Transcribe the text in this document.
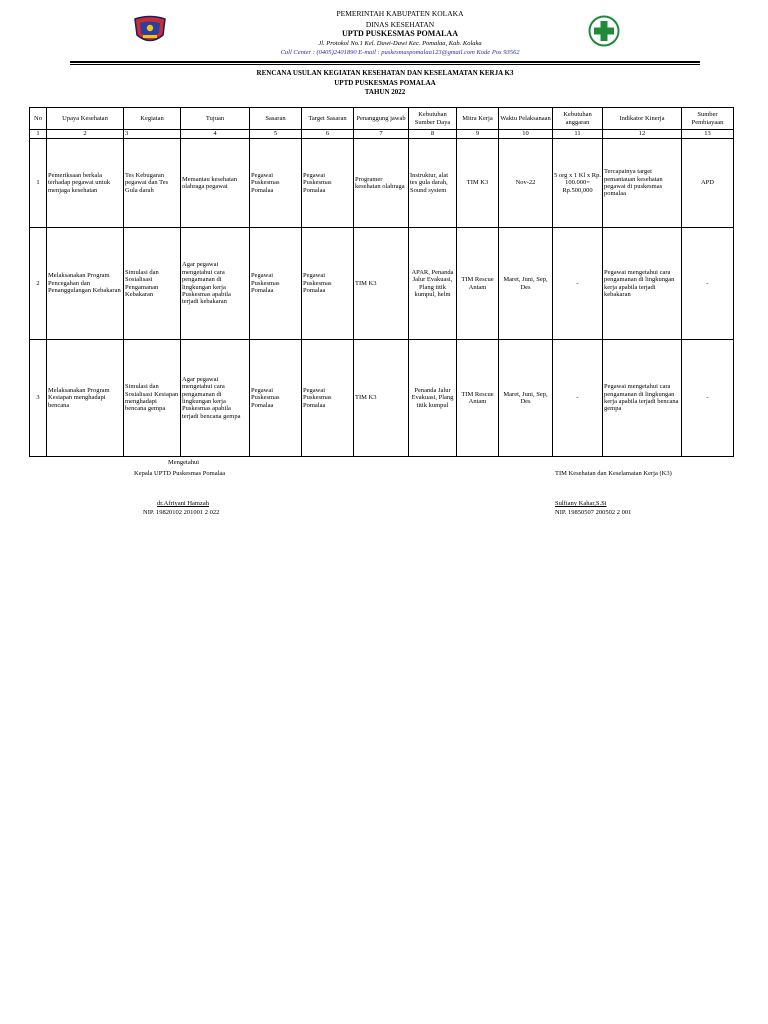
PEMERINTAH KABUPATEN KOLAKA
DINAS KESEHATAN
UPTD PUSKESMAS POMALAA
Jl. Protokol No.1 Kel. Dawi-Dawi Kec. Pomalaa, Kab. Kolaka
Call Center : (0405)2401890 E-mail : puskesmaspomalaa123@gmail.com Kode Pos 93562
RENCANA USULAN KEGIATAN KESEHATAN DAN KESELAMATAN KERJA K3
UPTD PUSKESMAS POMALAA
TAHUN 2022
No	Upaya Kesehatan	Kegiatan	Tujuan	Sasaran	Target Sasaran	Penanggung jawab	Kebutuhan Sumber Daya	Mitra Kerja	Waktu Pelaksanaan	Kebutuhan anggaran	Indikator Kinerja	Sumber Pembiayaan
1	2	3	4	5	6	7	8	9	10	11	12	13
1	Pemeriksaan berkala terhadap pegawai untuk menjaga kesehatan	Tes Kebugaran pegawai dan Tes Gula darah	Memantau kesehatan olahraga pegawai	Pegawai Puskesmas Pomalaa	Pegawai Puskesmas Pomalaa	Programer kesehatan olahraga	Instruktur, alat tes gula darah, Sound system	TIM K3	Nov-22	5 org x 1 Kl x Rp. 100.000= Rp.500,000	Tercapainya target pemantauan kesehatan pegawai di puskesmas pomalaa	APD
2	Melaksanakan Program Pencegahan dan Penanggulangan Kebakaran	Simulasi dan Sosialisasi Pengamanan Kebakaran	Agar pegawai mengetahui cara pengamanan di lingkungan kerja Puskesmas apabila terjadi kebakaran	Pegawai Puskesmas Pomalaa	Pegawai Puskesmas Pomalaa	TIM K3	APAR, Penanda Jalur Evakuasi, Plang titik kumpul, helm	TIM Rescue Antam	Maret, Juni, Sep, Des	-	Pegawai mengetahui cara pengamanan di lingkungan kerja apabila terjadi kebakaran	-
3	Melaksanakan Program Kesiapan menghadapi bencana	Simulasi dan Sosialisasi Kesiapan menghadapi bencana gempa	Agar pegawai mengetahui cara pengamanan di lingkungan kerja Puskesmas apabila terjadi bencana gempa	Pegawai Puskesmas Pomalaa	Pegawai Puskesmas Pomalaa	TIM K3	Penanda Jalur Evakuasi, Plang titik kumpul	TIM Rescue Antam	Maret, Juni, Sep, Des	-	Pegawai mengetahui cara pengamanan di lingkungan kerja apabila terjadi bencana gempa	-
Mengetahui
Kepala UPTD Puskesmas Pomalaa
dr.Afriyani Hamzah
NIP. 19820102 201001 2 022
TIM Kesehatan dan Keselamatan Kerja (K3)
Sulfiany Kahar,S.Si
NIP. 19850507 200502 2 001
